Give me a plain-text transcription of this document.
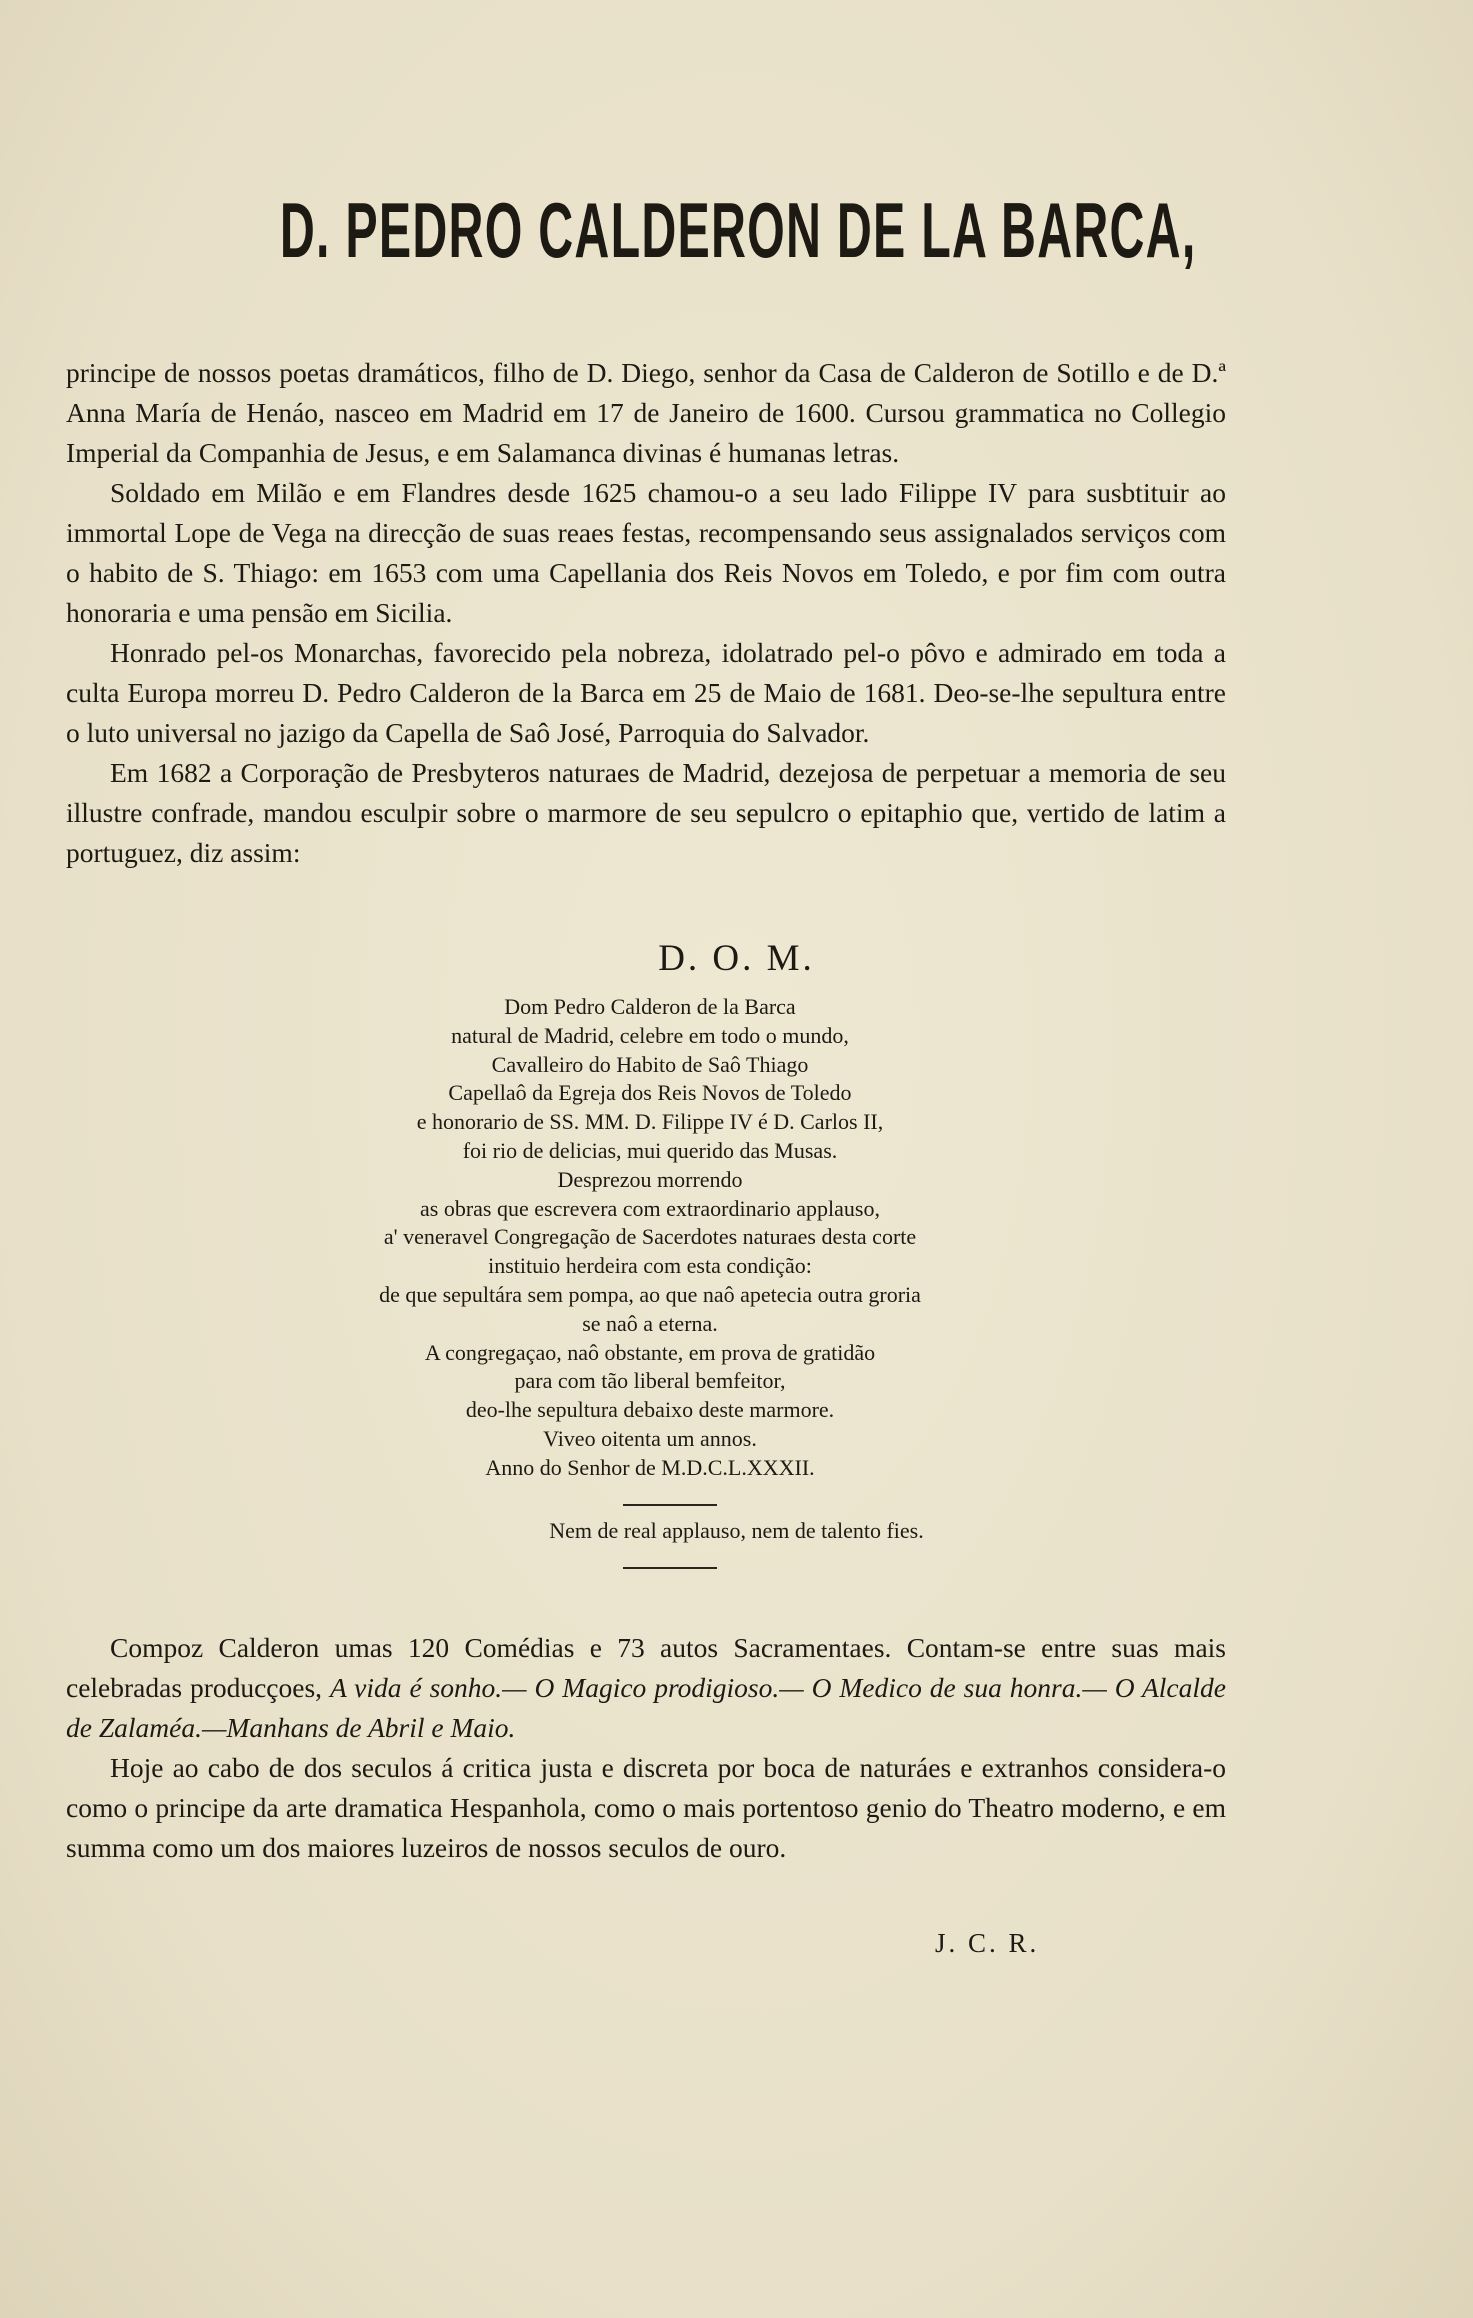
D. PEDRO CALDERON DE LA BARCA,

principe de nossos poetas dramáticos, filho de D. Diego, senhor da Casa de Calderon de Sotillo e de D.ª Anna María de Henáo, nasceo em Madrid em 17 de Janeiro de 1600. Cursou grammatica no Collegio Imperial da Companhia de Jesus, e em Salamanca divinas é humanas letras.

Soldado em Milão e em Flandres desde 1625 chamou-o a seu lado Filippe IV para susbtituir ao immortal Lope de Vega na direcção de suas reaes festas, recompensando seus assignalados serviços com o habito de S. Thiago: em 1653 com uma Capellania dos Reis Novos em Toledo, e por fim com outra honoraria e uma pensão em Sicilia.

Honrado pel-os Monarchas, favorecido pela nobreza, idolatrado pel-o pôvo e admirado em toda a culta Europa morreu D. Pedro Calderon de la Barca em 25 de Maio de 1681. Deo-se-lhe sepultura entre o luto universal no jazigo da Capella de Saô José, Parroquia do Salvador.

Em 1682 a Corporação de Presbyteros naturaes de Madrid, dezejosa de perpetuar a memoria de seu illustre confrade, mandou esculpir sobre o marmore de seu sepulcro o epitaphio que, vertido de latim a portuguez, diz assim:

D. O. M.
Dom Pedro Calderon de la Barca
natural de Madrid, celebre em todo o mundo,
Cavalleiro do Habito de Saô Thiago
Capellaô da Egreja dos Reis Novos de Toledo
e honorario de SS. MM. D. Filippe IV é D. Carlos II,
foi rio de delicias, mui querido das Musas.
Desprezou morrendo
as obras que escrevera com extraordinario applauso,
a' veneravel Congregação de Sacerdotes naturaes desta corte
instituio herdeira com esta condição:
de que sepultára sem pompa, ao que naô apetecia outra groria
se naô a eterna.
A congregaçao, naô obstante, em prova de gratidão
para com tão liberal bemfeitor,
deo-lhe sepultura debaixo deste marmore.
Viveo oitenta um annos.
Anno do Senhor de M.D.C.L.XXXII.
Nem de real applauso, nem de talento fies.

Compoz Calderon umas 120 Comédias e 73 autos Sacramentaes. Contam-se entre suas mais celebradas producçoes, A vida é sonho.— O Magico prodigioso.— O Medico de sua honra.— O Alcalde de Zalaméa.—Manhans de Abril e Maio.

Hoje ao cabo de dos seculos á critica justa e discreta por boca de naturáes e extranhos considera-o como o principe da arte dramatica Hespanhola, como o mais portentoso genio do Theatro moderno, e em summa como um dos maiores luzeiros de nossos seculos de ouro.

J. C. R.
